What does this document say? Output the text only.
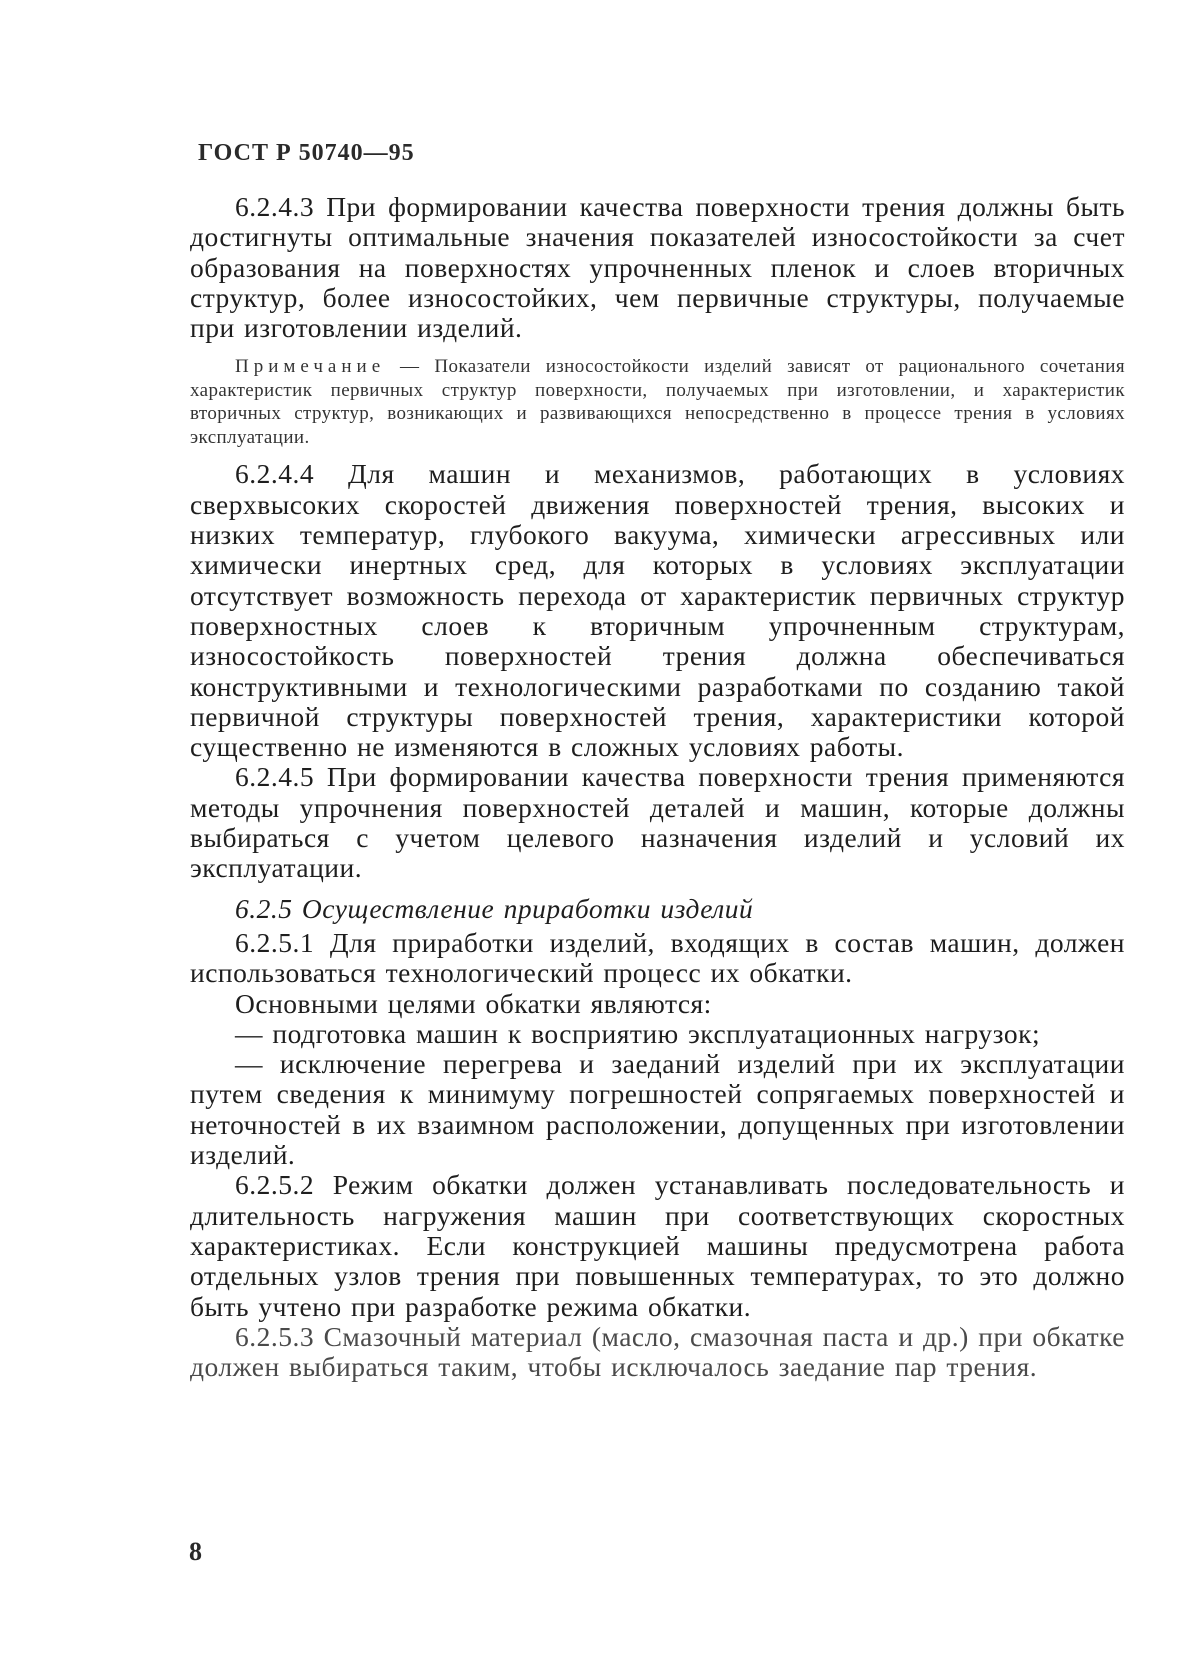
ГОСТ Р 50740—95

6.2.4.3 При формировании качества поверхности трения должны быть достигнуты оптимальные значения показателей износостойкости за счет образования на поверхностях упрочненных пленок и слоев вторичных структур, более износостойких, чем первичные структуры, получаемые при изготовлении изделий.

Примечание — Показатели износостойкости изделий зависят от рационального сочетания характеристик первичных структур поверхности, получаемых при изготовлении, и характеристик вторичных структур, возникающих и развивающихся непосредственно в процессе трения в условиях эксплуатации.

6.2.4.4 Для машин и механизмов, работающих в условиях сверхвысоких скоростей движения поверхностей трения, высоких и низких температур, глубокого вакуума, химически агрессивных или химически инертных сред, для которых в условиях эксплуатации отсутствует возможность перехода от характеристик первичных структур поверхностных слоев к вторичным упрочненным структурам, износостойкость поверхностей трения должна обеспечиваться конструктивными и технологическими разработками по созданию такой первичной структуры поверхностей трения, характеристики которой существенно не изменяются в сложных условиях работы.

6.2.4.5 При формировании качества поверхности трения применяются методы упрочнения поверхностей деталей и машин, которые должны выбираться с учетом целевого назначения изделий и условий их эксплуатации.

6.2.5 Осуществление приработки изделий

6.2.5.1 Для приработки изделий, входящих в состав машин, должен использоваться технологический процесс их обкатки.

Основными целями обкатки являются:

— подготовка машин к восприятию эксплуатационных нагрузок;

— исключение перегрева и заеданий изделий при их эксплуатации путем сведения к минимуму погрешностей сопрягаемых поверхностей и неточностей в их взаимном расположении, допущенных при изготовлении изделий.

6.2.5.2 Режим обкатки должен устанавливать последовательность и длительность нагружения машин при соответствующих скоростных характеристиках. Если конструкцией машины предусмотрена работа отдельных узлов трения при повышенных температурах, то это должно быть учтено при разработке режима обкатки.

6.2.5.3 Смазочный материал (масло, смазочная паста и др.) при обкатке должен выбираться таким, чтобы исключалось заедание пар трения.

8
